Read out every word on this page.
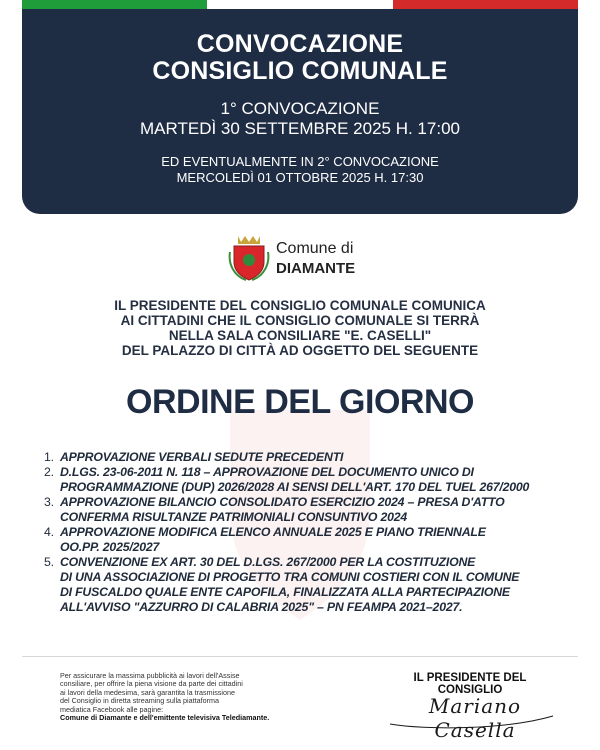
CONVOCAZIONE
CONSIGLIO COMUNALE
1° CONVOCAZIONE
MARTEDÌ 30 SETTEMBRE 2025 H. 17:00
ED EVENTUALMENTE IN 2° CONVOCAZIONE
MERCOLEDÌ 01 OTTOBRE 2025 H. 17:30
Comune di
DIAMANTE
IL PRESIDENTE DEL CONSIGLIO COMUNALE COMUNICA
AI CITTADINI CHE IL CONSIGLIO COMUNALE SI TERRÀ
NELLA SALA CONSILIARE "E. CASELLI"
DEL PALAZZO DI CITTÀ AD OGGETTO DEL SEGUENTE
ORDINE DEL GIORNO
1. APPROVAZIONE VERBALI SEDUTE PRECEDENTI
2. D.LGS. 23-06-2011 N. 118 – APPROVAZIONE DEL DOCUMENTO UNICO DI
PROGRAMMAZIONE (DUP) 2026/2028 AI SENSI DELL'ART. 170 DEL TUEL 267/2000
3. APPROVAZIONE BILANCIO CONSOLIDATO ESERCIZIO 2024 – PRESA D'ATTO
CONFERMA RISULTANZE PATRIMONIALI CONSUNTIVO 2024
4. APPROVAZIONE MODIFICA ELENCO ANNUALE 2025 E PIANO TRIENNALE
OO.PP. 2025/2027
5. CONVENZIONE EX ART. 30 DEL D.LGS. 267/2000 PER LA COSTITUZIONE
DI UNA ASSOCIAZIONE DI PROGETTO TRA COMUNI COSTIERI CON IL COMUNE
DI FUSCALDO QUALE ENTE CAPOFILA, FINALIZZATA ALLA PARTECIPAZIONE
ALL'AVVISO "AZZURRO DI CALABRIA 2025" – PN FEAMPA 2021–2027.
Per assicurare la massima pubblicità ai lavori dell'Assise
consiliare, per offrire la piena visione da parte dei cittadini
ai lavori della medesima, sarà garantita la trasmissione
del Consiglio in diretta streaming sulla piattaforma
mediatica Facebook alle pagine:
Comune di Diamante e dell'emittente televisiva Telediamante.
IL PRESIDENTE DEL CONSIGLIO
Mariano Casella
